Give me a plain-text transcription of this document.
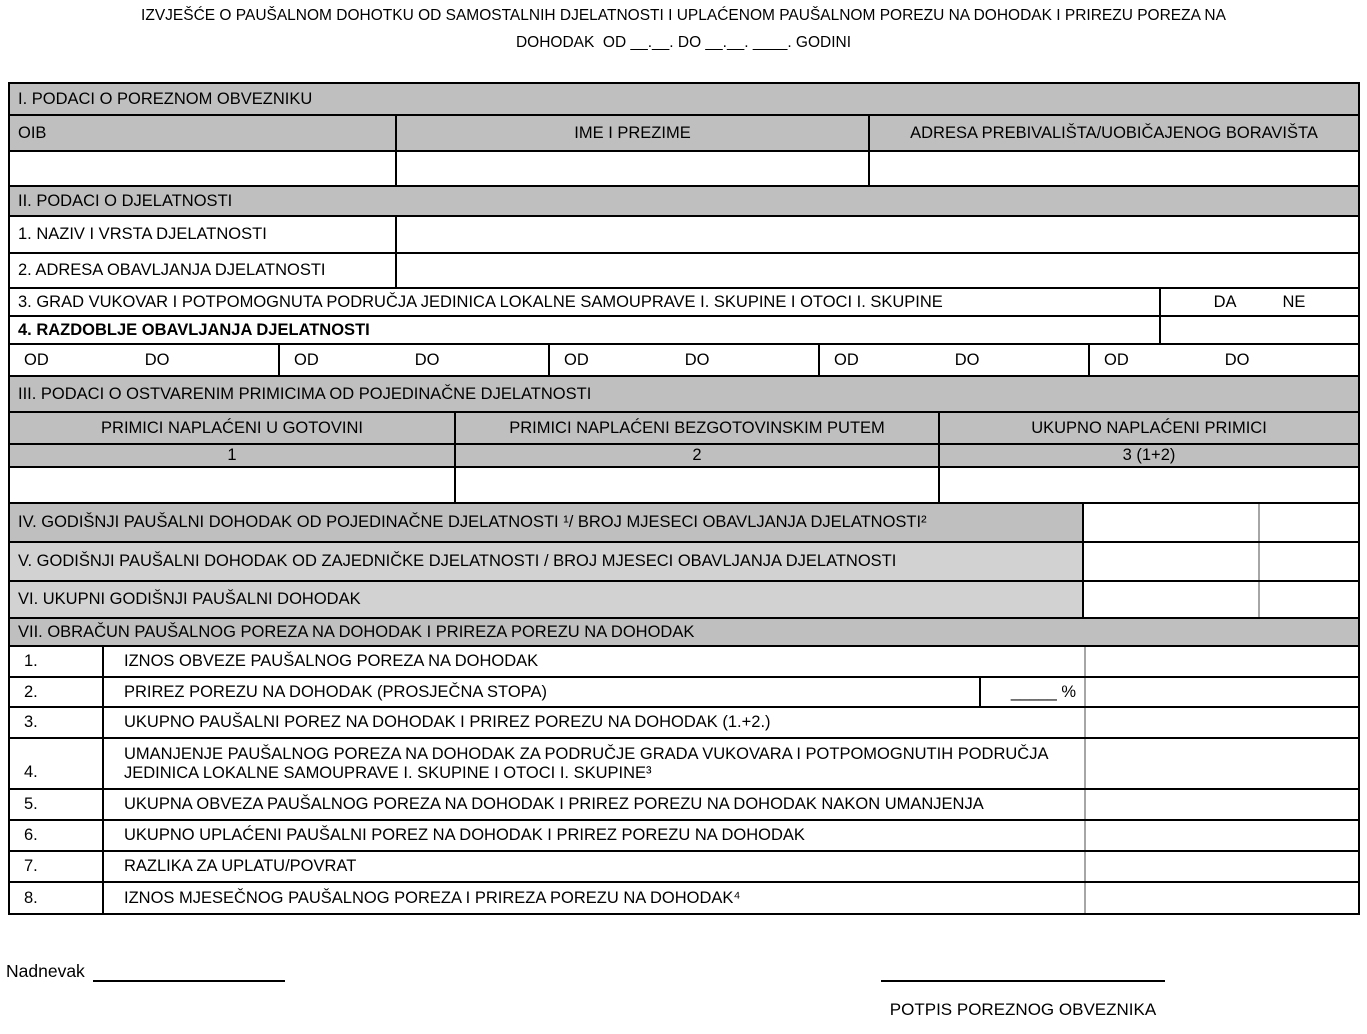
IZVJEŠĆE O PAUŠALNOM DOHOTKU OD SAMOSTALNIH DJELATNOSTI I UPLAĆENOM PAUŠALNOM POREZU NA DOHODAK I PRIREZU POREZA NA
DOHODAK  OD __.__. DO __.__. ____. GODINI
I. PODACI O POREZNOM OBVEZNIKU
OIB	IME I PREZIME	ADRESA PREBIVALIŠTA/UOBIČAJENOG BORAVIŠTA
II. PODACI O DJELATNOSTI
1. NAZIV I VRSTA DJELATNOSTI
2. ADRESA OBAVLJANJA DJELATNOSTI
3. GRAD VUKOVAR I POTPOMOGNUTA PODRUČJA JEDINICA LOKALNE SAMOUPRAVE I. SKUPINE I OTOCI I. SKUPINE	DA	NE
4. RAZDOBLJE OBAVLJANJA DJELATNOSTI
OD	DO	OD	DO	OD	DO	OD	DO	OD	DO
III. PODACI O OSTVARENIM PRIMICIMA OD POJEDINAČNE DJELATNOSTI
PRIMICI NAPLAĆENI U GOTOVINI	PRIMICI NAPLAĆENI BEZGOTOVINSKIM PUTEM	UKUPNO NAPLAĆENI PRIMICI
1	2	3 (1+2)
IV. GODIŠNJI PAUŠALNI DOHODAK OD POJEDINAČNE DJELATNOSTI ¹/ BROJ MJESECI OBAVLJANJA DJELATNOSTI²
V. GODIŠNJI PAUŠALNI DOHODAK OD ZAJEDNIČKE DJELATNOSTI / BROJ MJESECI OBAVLJANJA DJELATNOSTI
VI. UKUPNI GODIŠNJI PAUŠALNI DOHODAK
VII. OBRAČUN PAUŠALNOG POREZA NA DOHODAK I PRIREZA POREZU NA DOHODAK
1.	IZNOS OBVEZE PAUŠALNOG POREZA NA DOHODAK
2.	PRIREZ POREZU NA DOHODAK (PROSJEČNA STOPA)	_____ %
3.	UKUPNO PAUŠALNI POREZ NA DOHODAK I PRIREZ POREZU NA DOHODAK (1.+2.)
4.
UMANJENJE PAUŠALNOG POREZA NA DOHODAK ZA PODRUČJE GRADA VUKOVARA I POTPOMOGNUTIH PODRUČJA JEDINICA LOKALNE SAMOUPRAVE I. SKUPINE I OTOCI I. SKUPINE³
5.	UKUPNA OBVEZA PAUŠALNOG POREZA NA DOHODAK I PRIREZ POREZU NA DOHODAK NAKON UMANJENJA
6.	UKUPNO UPLAĆENI PAUŠALNI POREZ NA DOHODAK I PRIREZ POREZU NA DOHODAK
7.	RAZLIKA ZA UPLATU/POVRAT
8.	IZNOS MJESEČNOG PAUŠALNOG POREZA I PRIREZA POREZU NA DOHODAK⁴
Nadnevak
POTPIS POREZNOG OBVEZNIKA
